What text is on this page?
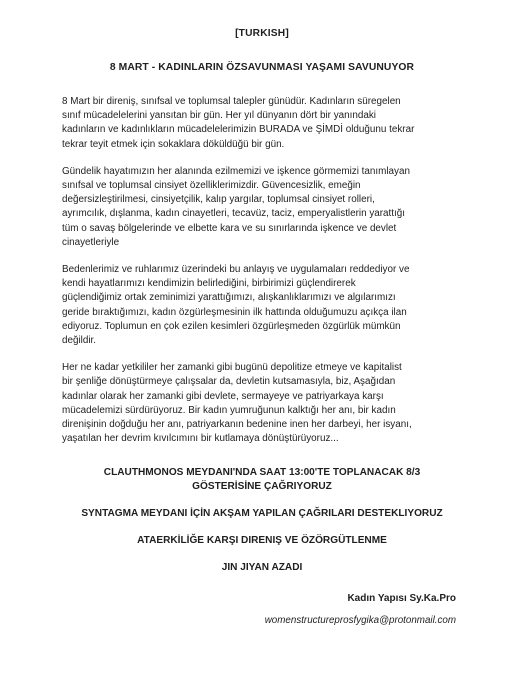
[TURKISH]
8 MART - KADINLARIN ÖZSAVUNMASI YAŞAMI SAVUNUYOR
8 Mart bir direniş, sınıfsal ve toplumsal talepler günüdür. Kadınların süregelen
sınıf mücadelelerini yansıtan bir gün. Her yıl dünyanın dört bir yanındaki
kadınların ve kadınlıkların mücadelelerimizin BURADA ve ŞİMDİ olduğunu tekrar
tekrar teyit etmek için sokaklara döküldüğü bir gün.
Gündelik hayatımızın her alanında ezilmemizi ve işkence görmemizi tanımlayan
sınıfsal ve toplumsal cinsiyet özelliklerimizdir. Güvencesizlik, emeğin
değersizleştirilmesi, cinsiyetçilik, kalıp yargılar, toplumsal cinsiyet rolleri,
ayrımcılık, dışlanma, kadın cinayetleri, tecavüz, taciz, emperyalistlerin yarattığı
tüm o savaş bölgelerinde ve elbette kara ve su sınırlarında işkence ve devlet
cinayetleriyle
Bedenlerimiz ve ruhlarımız üzerindeki bu anlayış ve uygulamaları reddediyor ve
kendi hayatlarımızı kendimizin belirlediğini, birbirimizi güçlendirerek
güçlendiğimiz ortak zeminimizi yarattığımızı, alışkanlıklarımızı ve algılarımızı
geride bıraktığımızı, kadın özgürleşmesinin ilk hattında olduğumuzu açıkça ilan
ediyoruz. Toplumun en çok ezilen kesimleri özgürleşmeden özgürlük mümkün
değildir.
Her ne kadar yetkililer her zamanki gibi bugünü depolitize etmeye ve kapitalist
bir şenliğe dönüştürmeye çalışsalar da, devletin kutsamasıyla, biz, Aşağıdan
kadınlar olarak her zamanki gibi devlete, sermayeye ve patriyarkaya karşı
mücadelemizi sürdürüyoruz. Bir kadın yumruğunun kalktığı her anı, bir kadın
direnişinin doğduğu her anı, patriyarkanın bedenine inen her darbeyi, her isyanı,
yaşatılan her devrim kıvılcımını bir kutlamaya dönüştürüyoruz...
CLAUTHMONOS MEYDANI'NDA SAAT 13:00'TE TOPLANACAK 8/3
GÖSTERİSİNE ÇAĞRIYORUZ
SYNTAGMA MEYDANI İÇİN AKŞAM YAPILAN ÇAĞRILARI DESTEKLIYORUZ
ATAERKİLİĞE KARŞI DIRENIŞ VE ÖZÖRGÜTLENME
JIN JIYAN AZADI
Kadın Yapısı Sy.Ka.Pro
womenstructureprosfygika@protonmail.com
